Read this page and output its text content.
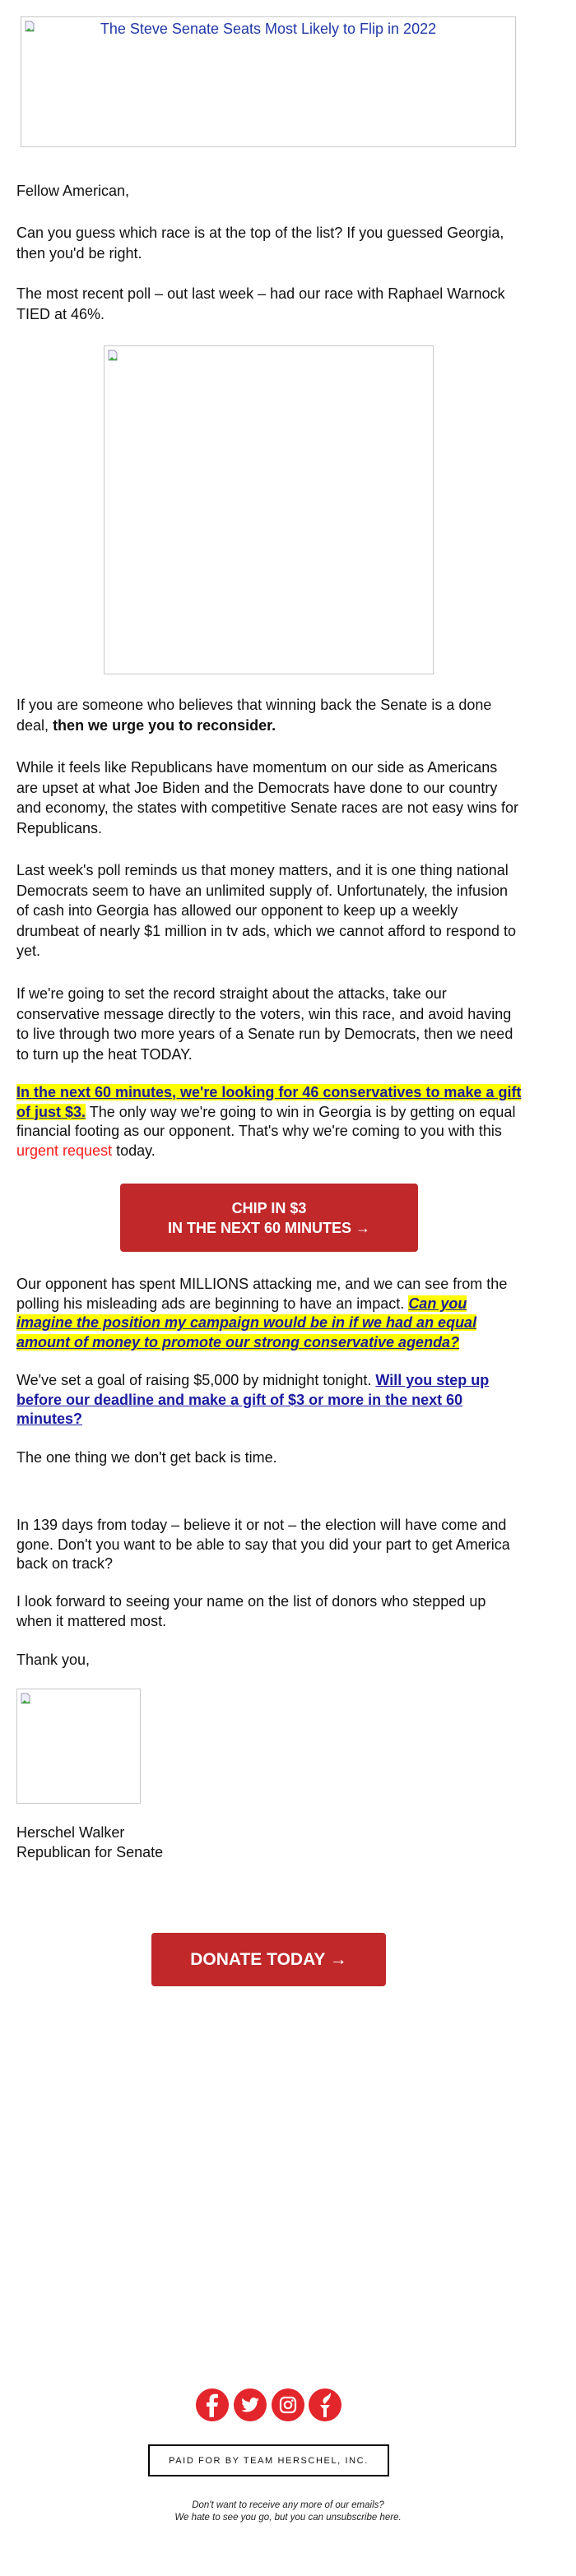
The Steve Senate Seats Most Likely to Flip in 2022

Fellow American,

Can you guess which race is at the top of the list? If you guessed Georgia, then you'd be right.

The most recent poll – out last week – had our race with Raphael Warnock TIED at 46%.

If you are someone who believes that winning back the Senate is a done deal, then we urge you to reconsider.

While it feels like Republicans have momentum on our side as Americans are upset at what Joe Biden and the Democrats have done to our country and economy, the states with competitive Senate races are not easy wins for Republicans.

Last week's poll reminds us that money matters, and it is one thing national Democrats seem to have an unlimited supply of. Unfortunately, the infusion of cash into Georgia has allowed our opponent to keep up a weekly drumbeat of nearly $1 million in tv ads, which we cannot afford to respond to yet.

If we're going to set the record straight about the attacks, take our conservative message directly to the voters, win this race, and avoid having to live through two more years of a Senate run by Democrats, then we need to turn up the heat TODAY.

In the next 60 minutes, we're looking for 46 conservatives to make a gift of just $3. The only way we're going to win in Georgia is by getting on equal financial footing as our opponent. That's why we're coming to you with this urgent request today.

CHIP IN $3
IN THE NEXT 60 MINUTES →

Our opponent has spent MILLIONS attacking me, and we can see from the polling his misleading ads are beginning to have an impact. Can you imagine the position my campaign would be in if we had an equal amount of money to promote our strong conservative agenda?

We've set a goal of raising $5,000 by midnight tonight. Will you step up before our deadline and make a gift of $3 or more in the next 60 minutes?

The one thing we don't get back is time.

In 139 days from today – believe it or not – the election will have come and gone. Don't you want to be able to say that you did your part to get America back on track?

I look forward to seeing your name on the list of donors who stepped up when it mattered most.

Thank you,

Herschel Walker
Republican for Senate
DONATE TODAY →
PAID FOR BY TEAM HERSCHEL, INC.
Don't want to receive any more of our emails?
We hate to see you go, but you can unsubscribe here.
